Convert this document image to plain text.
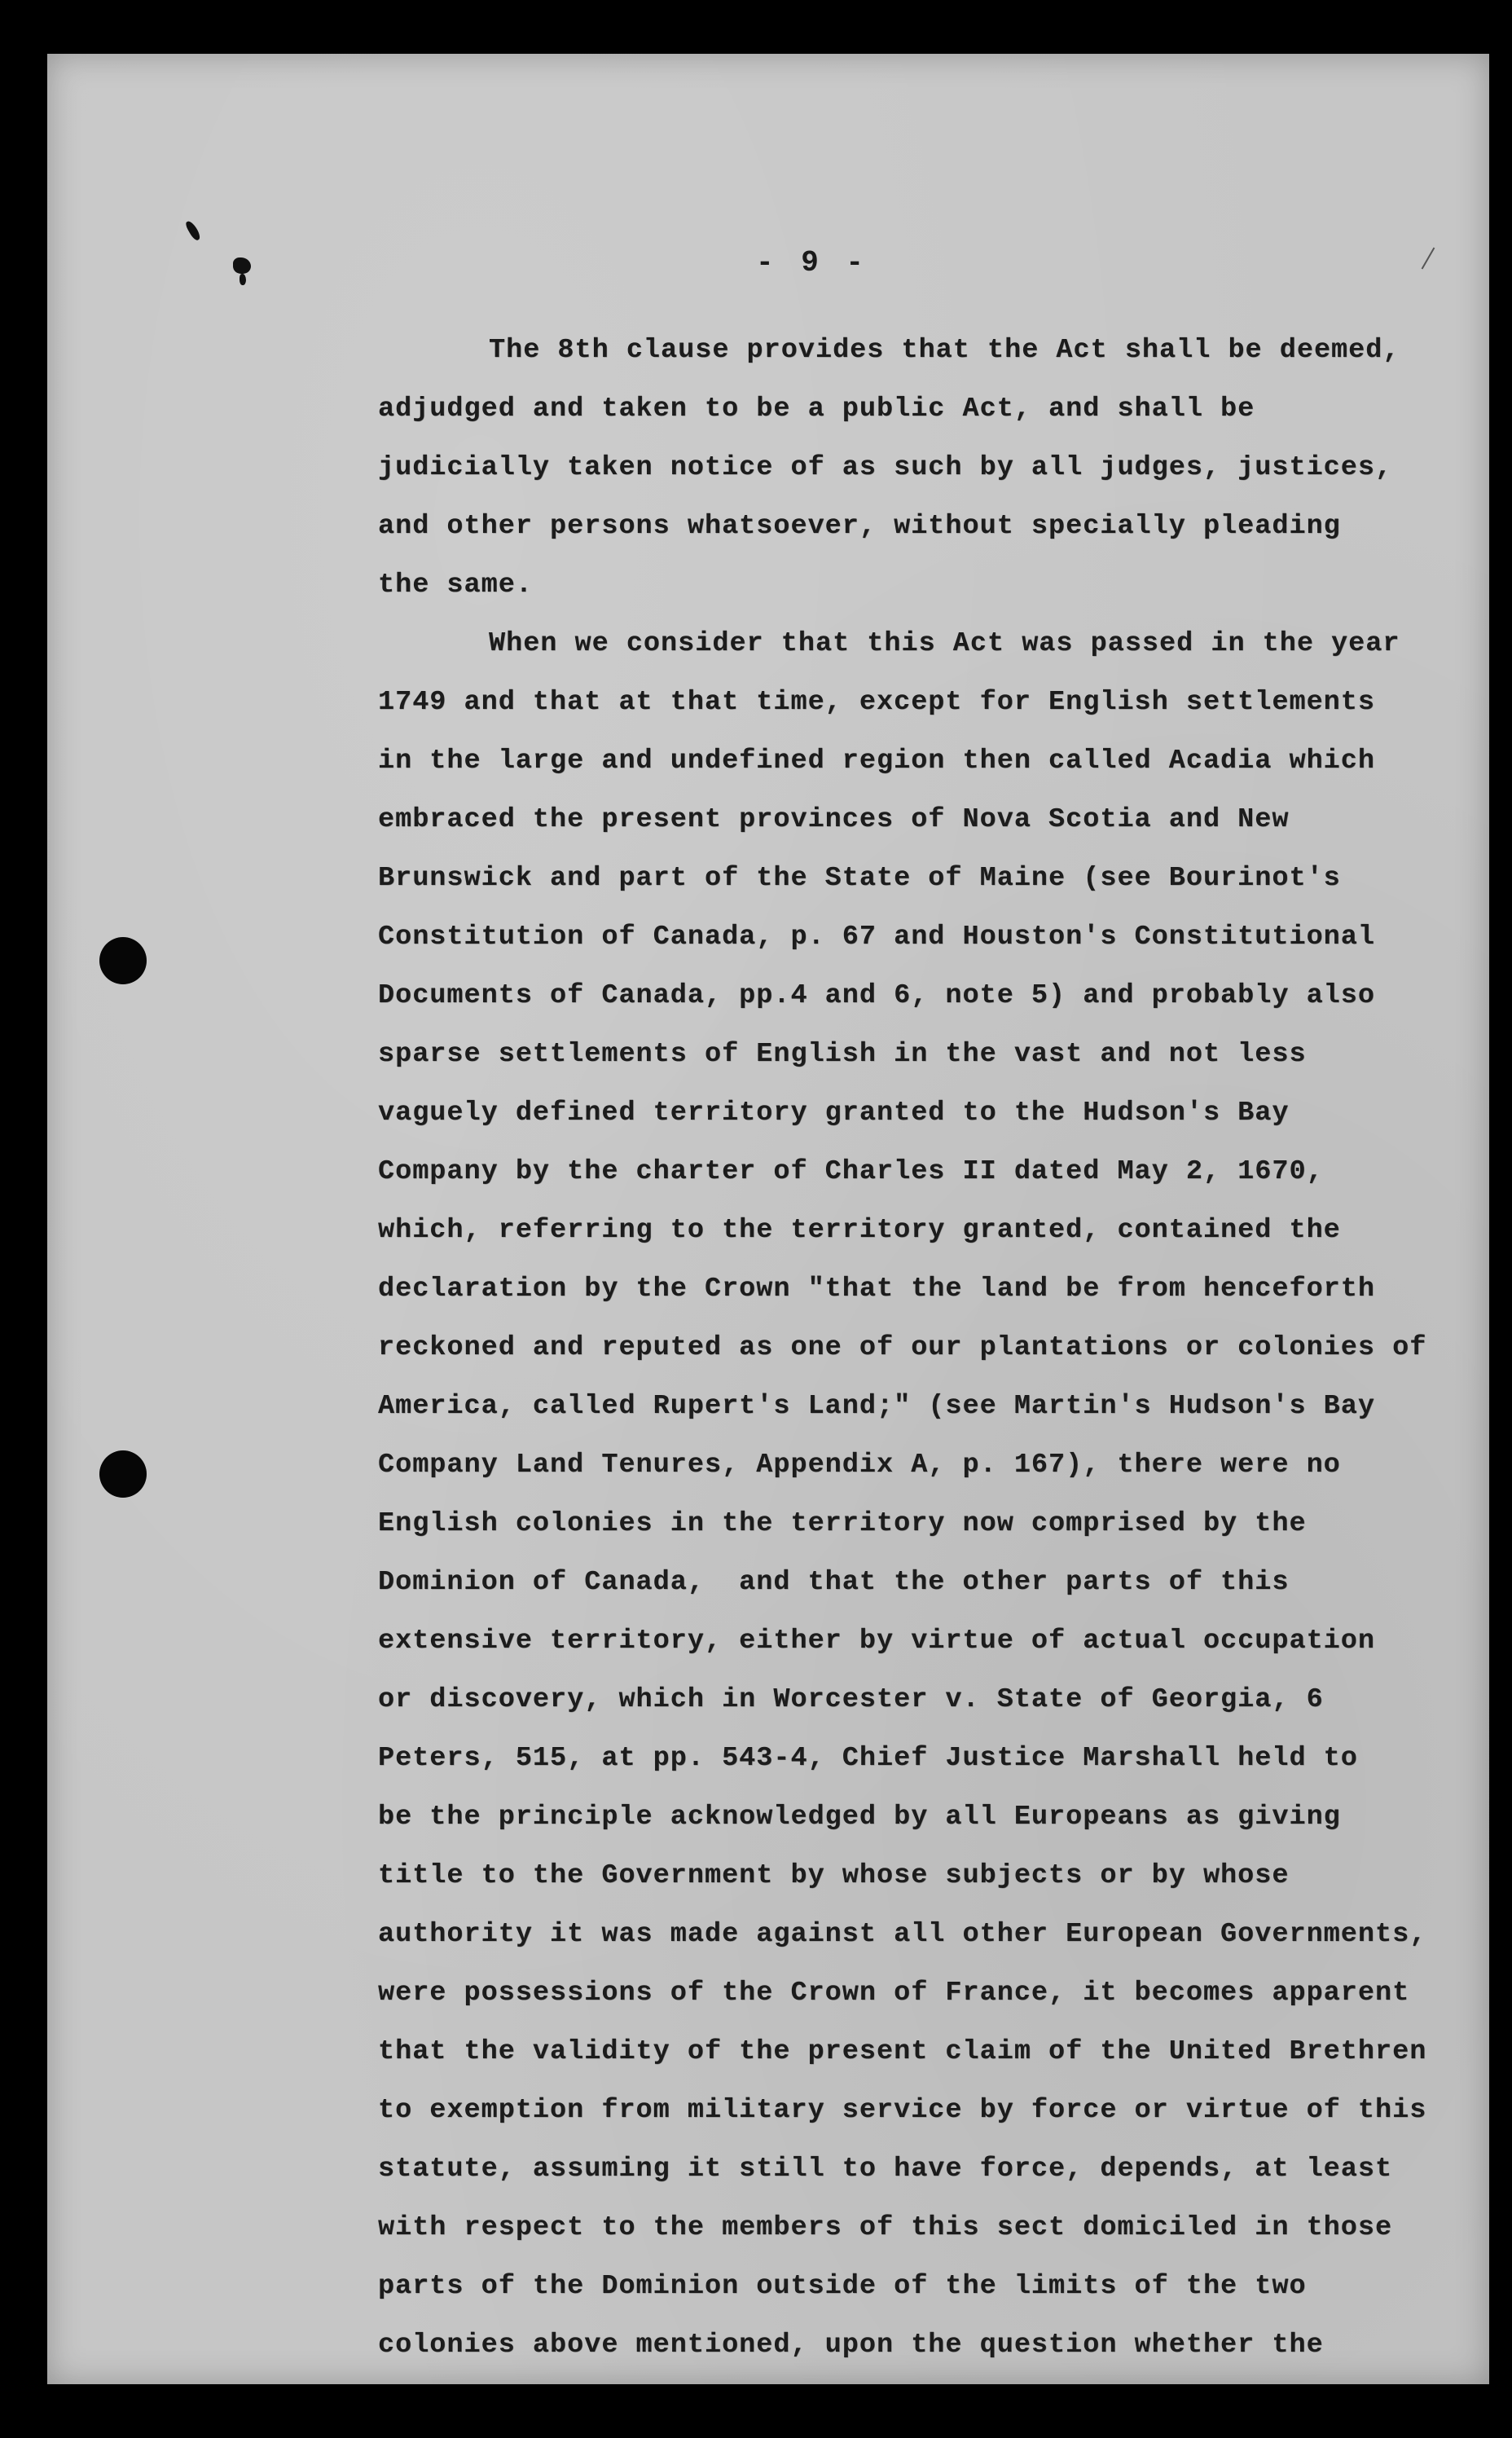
- 9 -
The 8th clause provides that the Act shall be deemed,
adjudged and taken to be a public Act, and shall be
judicially taken notice of as such by all judges, justices,
and other persons whatsoever, without specially pleading
the same.
When we consider that this Act was passed in the year
1749 and that at that time, except for English settlements
in the large and undefined region then called Acadia which
embraced the present provinces of Nova Scotia and New
Brunswick and part of the State of Maine (see Bourinot's
Constitution of Canada, p. 67 and Houston's Constitutional
Documents of Canada, pp.4 and 6, note 5) and probably also
sparse settlements of English in the vast and not less
vaguely defined territory granted to the Hudson's Bay
Company by the charter of Charles II dated May 2, 1670,
which, referring to the territory granted, contained the
declaration by the Crown "that the land be from henceforth
reckoned and reputed as one of our plantations or colonies of
America, called Rupert's Land;" (see Martin's Hudson's Bay
Company Land Tenures, Appendix A, p. 167), there were no
English colonies in the territory now comprised by the
Dominion of Canada,  and that the other parts of this
extensive territory, either by virtue of actual occupation
or discovery, which in Worcester v. State of Georgia, 6
Peters, 515, at pp. 543-4, Chief Justice Marshall held to
be the principle acknowledged by all Europeans as giving
title to the Government by whose subjects or by whose
authority it was made against all other European Governments,
were possessions of the Crown of France, it becomes apparent
that the validity of the present claim of the United Brethren
to exemption from military service by force or virtue of this
statute, assuming it still to have force, depends, at least
with respect to the members of this sect domiciled in those
parts of the Dominion outside of the limits of the two
colonies above mentioned, upon the question whether the
